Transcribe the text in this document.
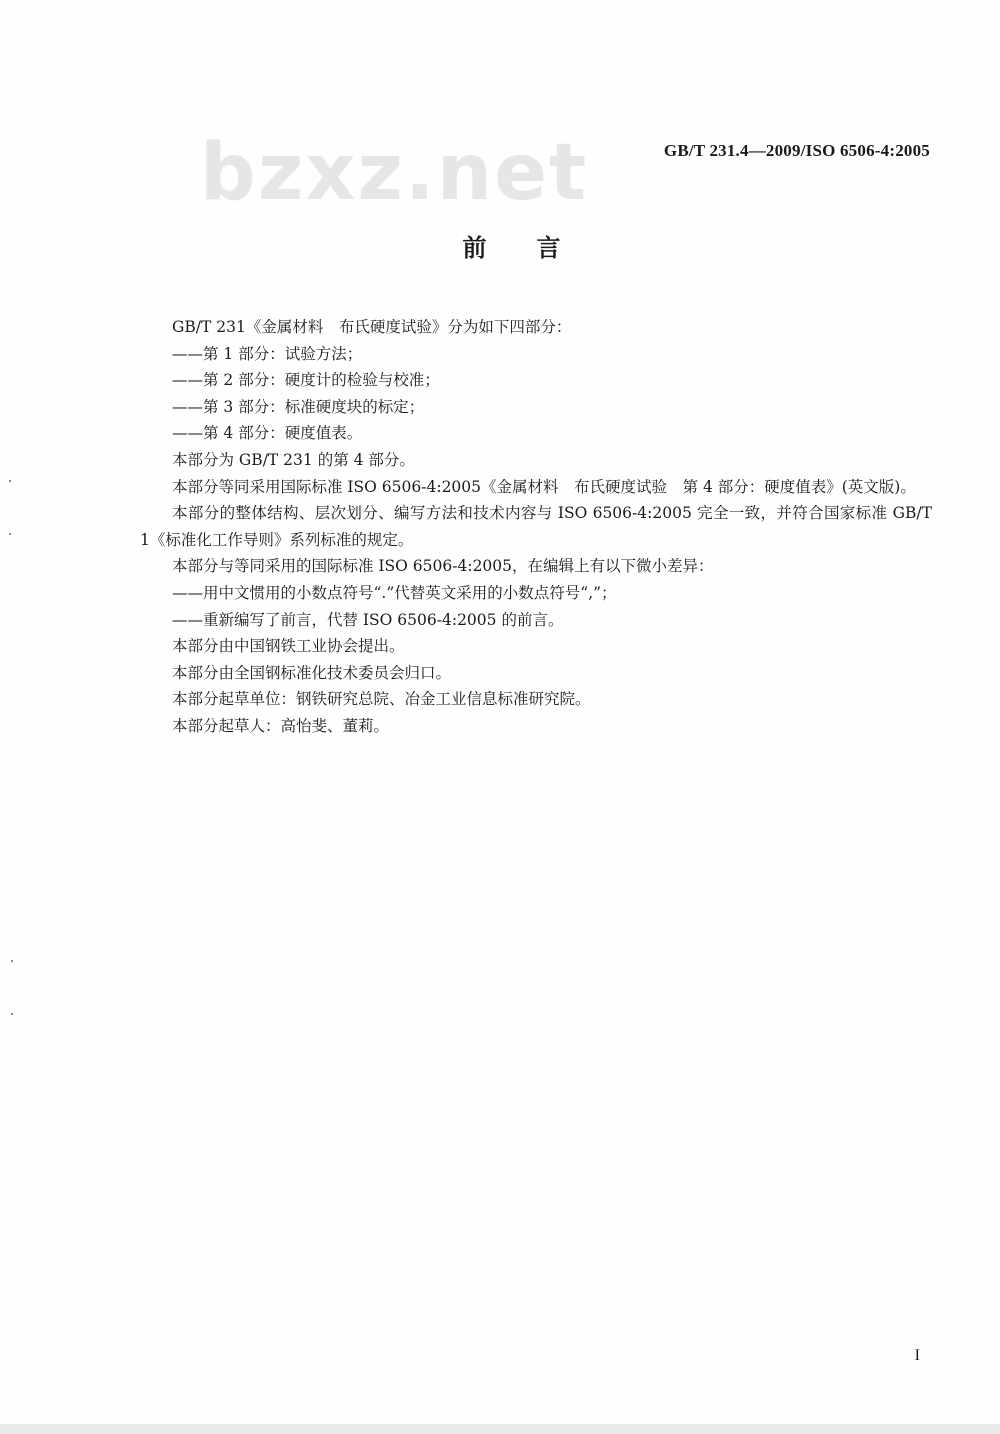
bzxz.net	GB/T 231.4—2009/ISO 6506-4:2005
前言

GB/T 231《金属材料　布氏硬度试验》分为如下四部分：

——第 1 部分：试验方法；

——第 2 部分：硬度计的检验与校准；

——第 3 部分：标准硬度块的标定；

——第 4 部分：硬度值表。

本部分为 GB/T 231 的第 4 部分。

本部分等同采用国际标准 ISO 6506-4:2005《金属材料　布氏硬度试验　第 4 部分：硬度值表》(英文版)。

本部分的整体结构、层次划分、编写方法和技术内容与 ISO 6506-4:2005 完全一致，并符合国家标准 GB/T 1《标准化工作导则》系列标准的规定。

本部分与等同采用的国际标准 ISO 6506-4:2005，在编辑上有以下微小差异：

——用中文惯用的小数点符号“.”代替英文采用的小数点符号“,”；

——重新编写了前言，代替 ISO 6506-4:2005 的前言。

本部分由中国钢铁工业协会提出。

本部分由全国钢标准化技术委员会归口。

本部分起草单位：钢铁研究总院、冶金工业信息标准研究院。

本部分起草人：高怡斐、董莉。

I
